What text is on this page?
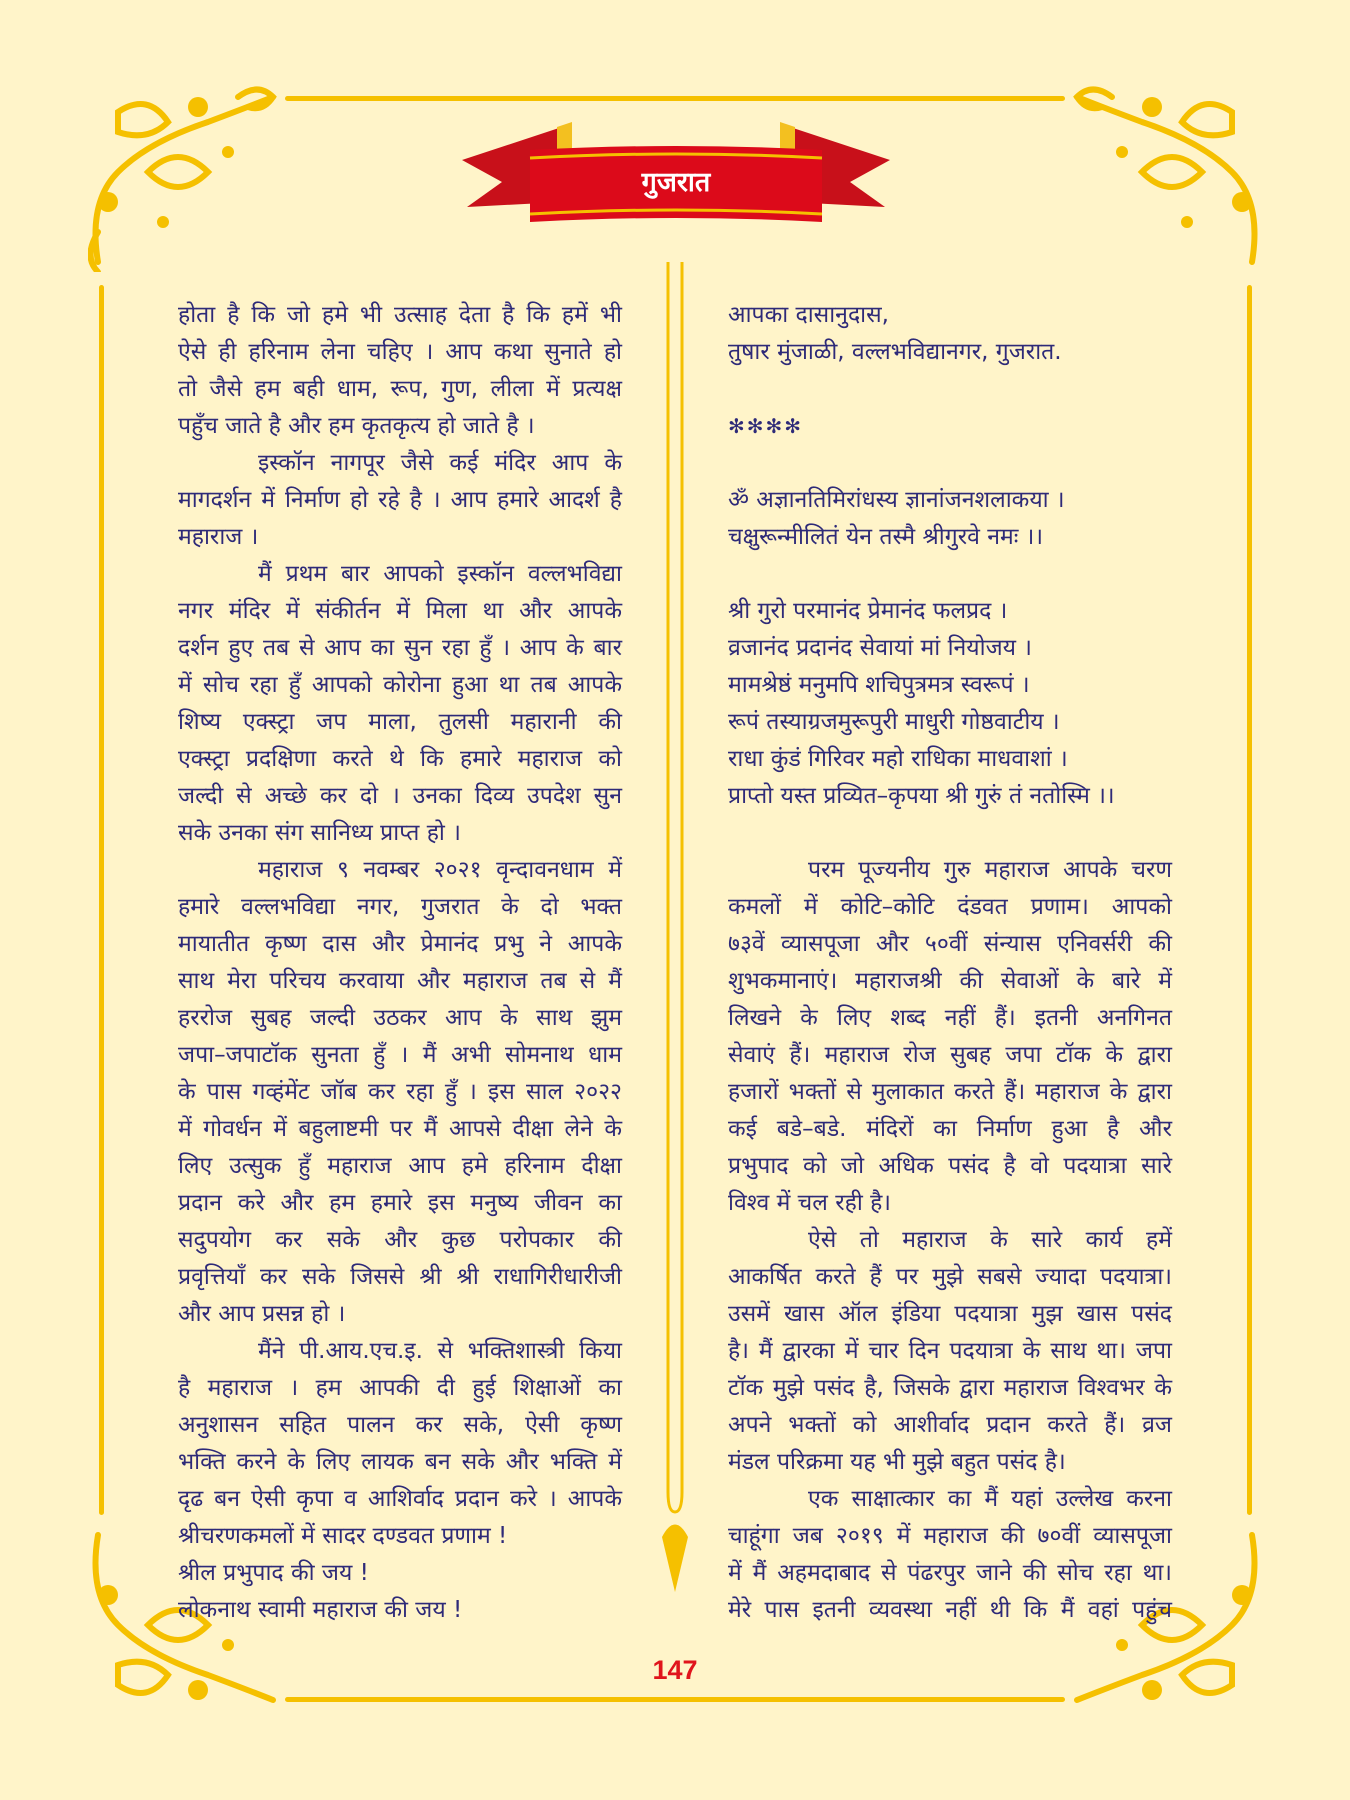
गुजरात
होता है कि जो हमे भी उत्साह देता है कि हमें भी
ऐसे ही हरिनाम लेना चहिए । आप कथा सुनाते हो
तो जैसे हम बही धाम, रूप, गुण, लीला में प्रत्यक्ष
पहुँच जाते है और हम कृतकृत्य हो जाते है ।
इस्कॉन नागपूर जैसे कई मंदिर आप के
मागदर्शन में निर्माण हो रहे है । आप हमारे आदर्श है
महाराज ।
मैं प्रथम बार आपको इस्कॉन वल्लभविद्या
नगर मंदिर में संकीर्तन में मिला था और आपके
दर्शन हुए तब से आप का सुन रहा हुँ । आप के बार
में सोच रहा हुँ आपको कोरोना हुआ था तब आपके
शिष्य एक्स्ट्रा जप माला, तुलसी महारानी की
एक्स्ट्रा प्रदक्षिणा करते थे कि हमारे महाराज को
जल्दी से अच्छे कर दो । उनका दिव्य उपदेश सुन
सके उनका संग सानिध्य प्राप्त हो ।
महाराज ९ नवम्बर २०२१ वृन्दावनधाम में
हमारे वल्लभविद्या नगर, गुजरात के दो भक्त
मायातीत कृष्ण दास और प्रेमानंद प्रभु ने आपके
साथ मेरा परिचय करवाया और महाराज तब से मैं
हररोज सुबह जल्दी उठकर आप के साथ झुम
जपा–जपाटॉक सुनता हुँ । मैं अभी सोमनाथ धाम
के पास गव्हंमेंट जॉब कर रहा हुँ । इस साल २०२२
में गोवर्धन में बहुलाष्टमी पर मैं आपसे दीक्षा लेने के
लिए उत्सुक हुँ महाराज आप हमे हरिनाम दीक्षा
प्रदान करे और हम हमारे इस मनुष्य जीवन का
सदुपयोग कर सके और कुछ परोपकार की
प्रवृत्तियाँ कर सके जिससे श्री श्री राधागिरीधारीजी
और आप प्रसन्न हो ।
मैंने पी.आय.एच.इ. से भक्तिशास्त्री किया
है महाराज । हम आपकी दी हुई शिक्षाओं का
अनुशासन सहित पालन कर सके, ऐसी कृष्ण
भक्ति करने के लिए लायक बन सके और भक्ति में
दृढ बन ऐसी कृपा व आशिर्वाद प्रदान करे । आपके
श्रीचरणकमलों में सादर दण्डवत प्रणाम !
श्रील प्रभुपाद की जय !
लोकनाथ स्वामी महाराज की जय !
आपका दासानुदास,
तुषार मुंजाळी, वल्लभविद्यानगर, गुजरात.
✻✻✻✻
ॐ अज्ञानतिमिरांधस्य ज्ञानांजनशलाकया ।
चक्षुरून्मीलितं येन तस्मै श्रीगुरवे नमः ।।
श्री गुरो परमानंद प्रेमानंद फलप्रद ।
व्रजानंद प्रदानंद सेवायां मां नियोजय ।
मामश्रेष्ठं मनुमपि शचिपुत्रमत्र स्वरूपं ।
रूपं तस्याग्रजमुरूपुरी माधुरी गोष्ठवाटीय ।
राधा कुंडं गिरिवर महो राधिका माधवाशां ।
प्राप्तो यस्त प्रव्यित–कृपया श्री गुरुं तं नतोस्मि ।।
परम पूज्यनीय गुरु महाराज आपके चरण
कमलों में कोटि–कोटि दंडवत प्रणाम। आपको
७३वें व्यासपूजा और ५०वीं संन्यास एनिवर्सरी की
शुभकमानाएं। महाराजश्री की सेवाओं के बारे में
लिखने के लिए शब्द नहीं हैं। इतनी अनगिनत
सेवाएं हैं। महाराज रोज सुबह जपा टॉक के द्वारा
हजारों भक्तों से मुलाकात करते हैं। महाराज के द्वारा
कई बडे–बडे. मंदिरों का निर्माण हुआ है और
प्रभुपाद को जो अधिक पसंद है वो पदयात्रा सारे
विश्व में चल रही है।
ऐसे तो महाराज के सारे कार्य हमें
आकर्षित करते हैं पर मुझे सबसे ज्यादा पदयात्रा।
उसमें खास ऑल इंडिया पदयात्रा मुझ खास पसंद
है। मैं द्वारका में चार दिन पदयात्रा के साथ था। जपा
टॉक मुझे पसंद है, जिसके द्वारा महाराज विश्वभर के
अपने भक्तों को आशीर्वाद प्रदान करते हैं। व्रज
मंडल परिक्रमा यह भी मुझे बहुत पसंद है।
एक साक्षात्कार का मैं यहां उल्लेख करना
चाहूंगा जब २०१९ में महाराज की ७०वीं व्यासपूजा
में मैं अहमदाबाद से पंढरपुर जाने की सोच रहा था।
मेरे पास इतनी व्यवस्था नहीं थी कि मैं वहां पहुंच
147
